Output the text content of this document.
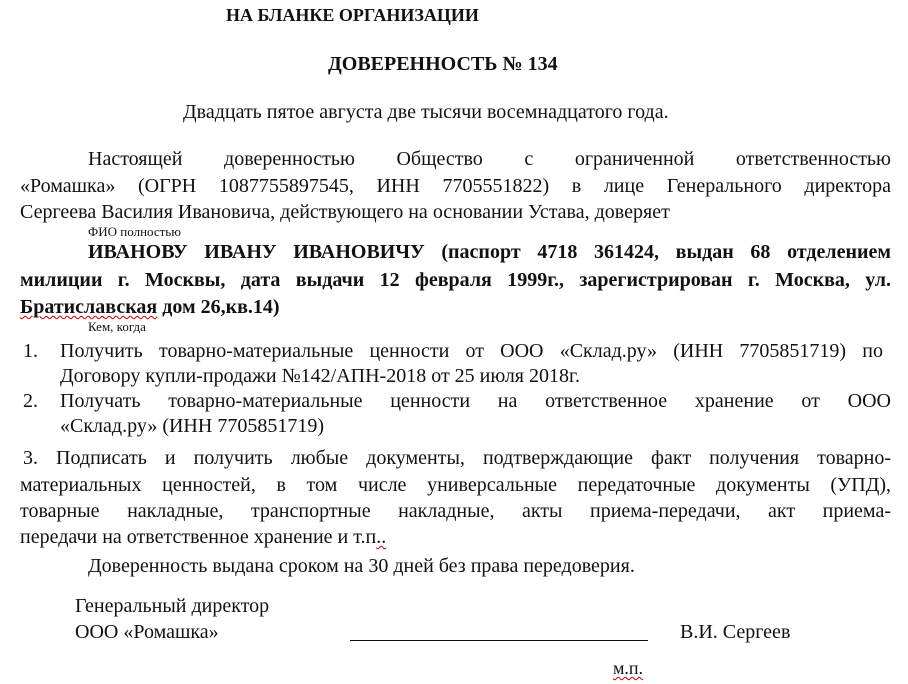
НА БЛАНКЕ ОРГАНИЗАЦИИ
ДОВЕРЕННОСТЬ № 134
Двадцать пятое августа две тысячи восемнадцатого года.
Настоящей доверенностью Общество с ограниченной ответственностью
«Ромашка» (ОГРН 1087755897545, ИНН 7705551822) в лице Генерального директора
Сергеева Василия Ивановича, действующего на основании Устава, доверяет
ФИО полностью
ИВАНОВУ ИВАНУ ИВАНОВИЧУ (паспорт 4718 361424, выдан 68 отделением
милиции г. Москвы, дата выдачи 12 февраля 1999г., зарегистрирован г. Москва, ул.
Братиславская дом 26,кв.14)
Кем, когда
1. Получить товарно-материальные ценности от ООО «Склад.ру» (ИНН 7705851719) по
Договору купли-продажи №142/АПН-2018 от 25 июля 2018г.
2. Получать товарно-материальные ценности на ответственное хранение от ООО
«Склад.ру» (ИНН 7705851719)
3. Подписать и получить любые документы, подтверждающие факт получения товарно-
материальных ценностей, в том числе универсальные передаточные документы (УПД),
товарные накладные, транспортные накладные, акты приема-передачи, акт приема-
передачи на ответственное хранение и т.п..
Доверенность выдана сроком на 30 дней без права передоверия.
Генеральный директор
ООО «Ромашка»	В.И. Сергеев
м.п.
